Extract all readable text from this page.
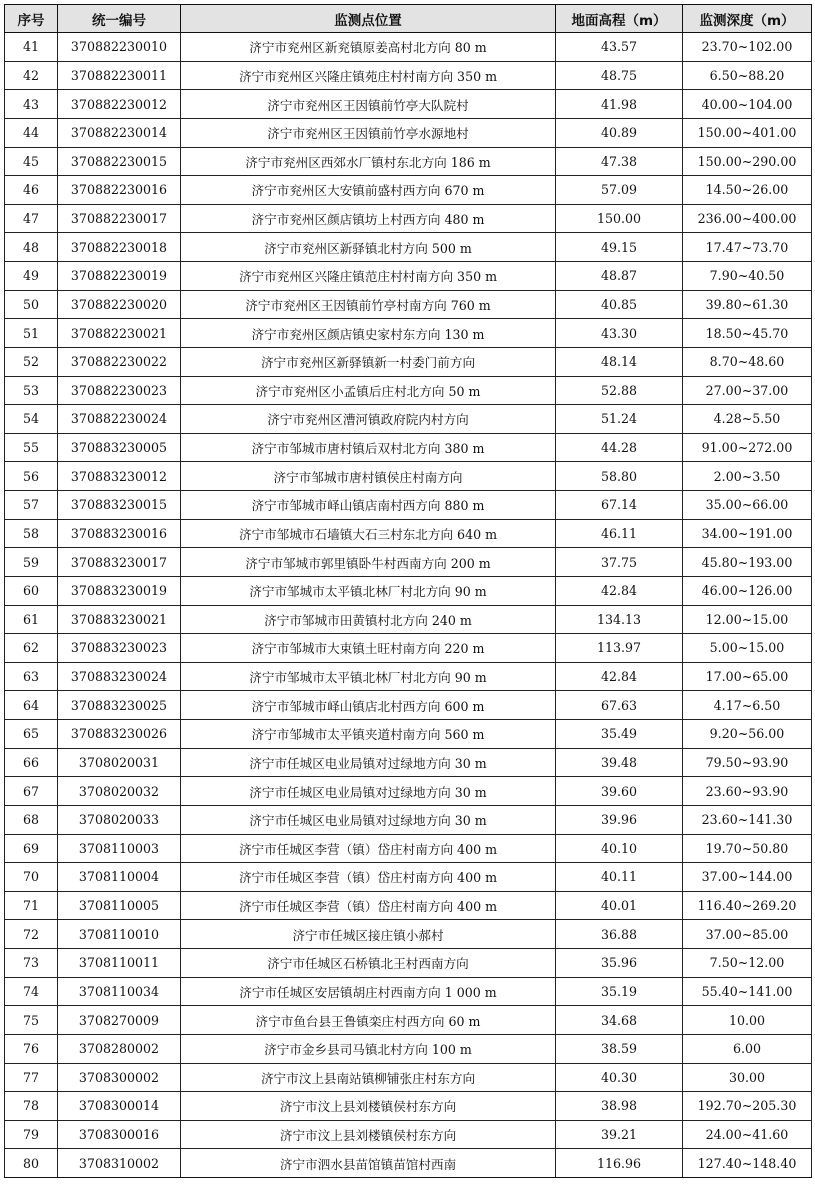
序号	统一编号	监测点位置	地面高程（m）	监测深度（m）
41	370882230010	济宁市兖州区新兖镇原姜高村北方向 80 m	43.57	23.70~102.00
42	370882230011	济宁市兖州区兴隆庄镇苑庄村村南方向 350 m	48.75	6.50~88.20
43	370882230012	济宁市兖州区王因镇前竹亭大队院村	41.98	40.00~104.00
44	370882230014	济宁市兖州区王因镇前竹亭水源地村	40.89	150.00~401.00
45	370882230015	济宁市兖州区西郊水厂镇村东北方向 186 m	47.38	150.00~290.00
46	370882230016	济宁市兖州区大安镇前盛村西方向 670 m	57.09	14.50~26.00
47	370882230017	济宁市兖州区颜店镇坊上村西方向 480 m	150.00	236.00~400.00
48	370882230018	济宁市兖州区新驿镇北村方向 500 m	49.15	17.47~73.70
49	370882230019	济宁市兖州区兴隆庄镇范庄村村南方向 350 m	48.87	7.90~40.50
50	370882230020	济宁市兖州区王因镇前竹亭村南方向 760 m	40.85	39.80~61.30
51	370882230021	济宁市兖州区颜店镇史家村东方向 130 m	43.30	18.50~45.70
52	370882230022	济宁市兖州区新驿镇新一村委门前方向	48.14	8.70~48.60
53	370882230023	济宁市兖州区小孟镇后庄村北方向 50 m	52.88	27.00~37.00
54	370882230024	济宁市兖州区漕河镇政府院内村方向	51.24	4.28~5.50
55	370883230005	济宁市邹城市唐村镇后双村北方向 380 m	44.28	91.00~272.00
56	370883230012	济宁市邹城市唐村镇侯庄村南方向	58.80	2.00~3.50
57	370883230015	济宁市邹城市峄山镇店南村西方向 880 m	67.14	35.00~66.00
58	370883230016	济宁市邹城市石墙镇大石三村东北方向 640 m	46.11	34.00~191.00
59	370883230017	济宁市邹城市郭里镇卧牛村西南方向 200 m	37.75	45.80~193.00
60	370883230019	济宁市邹城市太平镇北林厂村北方向 90 m	42.84	46.00~126.00
61	370883230021	济宁市邹城市田黄镇村北方向 240 m	134.13	12.00~15.00
62	370883230023	济宁市邹城市大束镇土旺村南方向 220 m	113.97	5.00~15.00
63	370883230024	济宁市邹城市太平镇北林厂村北方向 90 m	42.84	17.00~65.00
64	370883230025	济宁市邹城市峄山镇店北村西方向 600 m	67.63	4.17~6.50
65	370883230026	济宁市邹城市太平镇夹道村南方向 560 m	35.49	9.20~56.00
66	3708020031	济宁市任城区电业局镇对过绿地方向 30 m	39.48	79.50~93.90
67	3708020032	济宁市任城区电业局镇对过绿地方向 30 m	39.60	23.60~93.90
68	3708020033	济宁市任城区电业局镇对过绿地方向 30 m	39.96	23.60~141.30
69	3708110003	济宁市任城区李营（镇）岱庄村南方向 400 m	40.10	19.70~50.80
70	3708110004	济宁市任城区李营（镇）岱庄村南方向 400 m	40.11	37.00~144.00
71	3708110005	济宁市任城区李营（镇）岱庄村南方向 400 m	40.01	116.40~269.20
72	3708110010	济宁市任城区接庄镇小郝村	36.88	37.00~85.00
73	3708110011	济宁市任城区石桥镇北王村西南方向	35.96	7.50~12.00
74	3708110034	济宁市任城区安居镇胡庄村西南方向 1 000 m	35.19	55.40~141.00
75	3708270009	济宁市鱼台县王鲁镇栾庄村西方向 60 m	34.68	10.00
76	3708280002	济宁市金乡县司马镇北村方向 100 m	38.59	6.00
77	3708300002	济宁市汶上县南站镇柳铺张庄村东方向	40.30	30.00
78	3708300014	济宁市汶上县刘楼镇侯村东方向	38.98	192.70~205.30
79	3708300016	济宁市汶上县刘楼镇侯村东方向	39.21	24.00~41.60
80	3708310002	济宁市泗水县苗馆镇苗馆村西南	116.96	127.40~148.40
